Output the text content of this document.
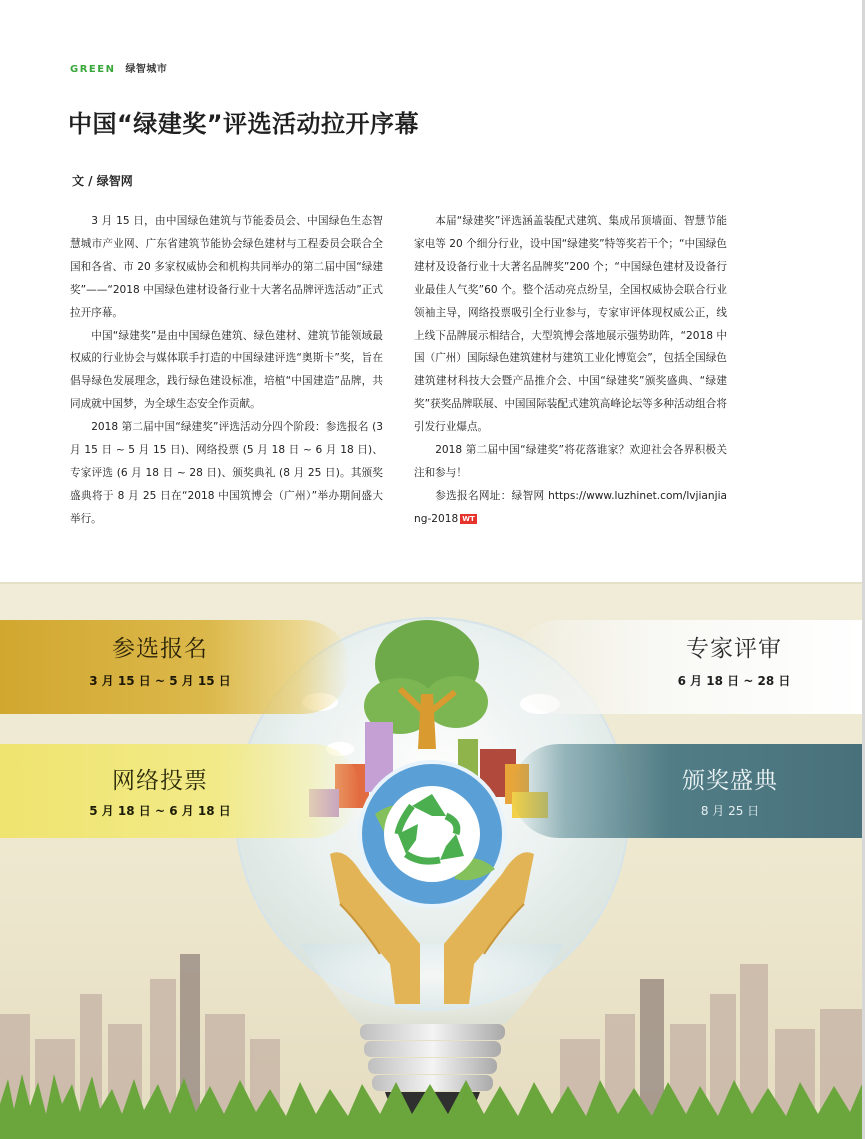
GREEN 绿智城市
中国“绿建奖”评选活动拉开序幕
文 / 绿智网

3 月 15 日，由中国绿色建筑与节能委员会、中国绿色生态智慧城市产业网、广东省建筑节能协会绿色建材与工程委员会联合全国和各省、市 20 多家权威协会和机构共同举办的第二届中国“绿建奖”——“2018 中国绿色建材设备行业十大著名品牌评选活动”正式拉开序幕。

中国“绿建奖”是由中国绿色建筑、绿色建材、建筑节能领域最权威的行业协会与媒体联手打造的中国绿建评选“奥斯卡”奖，旨在倡导绿色发展理念，践行绿色建设标准，培植“中国建造”品牌，共同成就中国梦，为全球生态安全作贡献。

2018 第二届中国“绿建奖”评选活动分四个阶段：参选报名 (3 月 15 日 ~ 5 月 15 日)、网络投票 (5 月 18 日 ~ 6 月 18 日)、专家评选 (6 月 18 日 ~ 28 日)、颁奖典礼 (8 月 25 日)。其颁奖盛典将于 8 月 25 日在“2018 中国筑博会（广州）”举办期间盛大举行。

本届“绿建奖”评选涵盖装配式建筑、集成吊顶墙面、智慧节能家电等 20 个细分行业，设中国“绿建奖”特等奖若干个；“中国绿色建材及设备行业十大著名品牌奖”200 个；“中国绿色建材及设备行业最佳人气奖”60 个。整个活动亮点纷呈，全国权威协会联合行业领袖主导，网络投票吸引全行业参与，专家审评体现权威公正，线上线下品牌展示相结合，大型筑博会落地展示强势助阵，“2018 中国（广州）国际绿色建筑建材与建筑工业化博览会”，包括全国绿色建筑建材科技大会暨产品推介会、中国“绿建奖”颁奖盛典、“绿建奖”获奖品牌联展、中国国际装配式建筑高峰论坛等多种活动组合将引发行业爆点。

2018 第二届中国“绿建奖”将花落谁家？欢迎社会各界积极关注和参与！

参选报名网址：绿智网 https://www.luzhinet.com/lvjianjiang-2018 WT

参选报名
3 月 15 日 ~ 5 月 15 日
网络投票
5 月 18 日 ~ 6 月 18 日
专家评审
6 月 18 日 ~ 28 日
颁奖盛典
8 月 25 日
